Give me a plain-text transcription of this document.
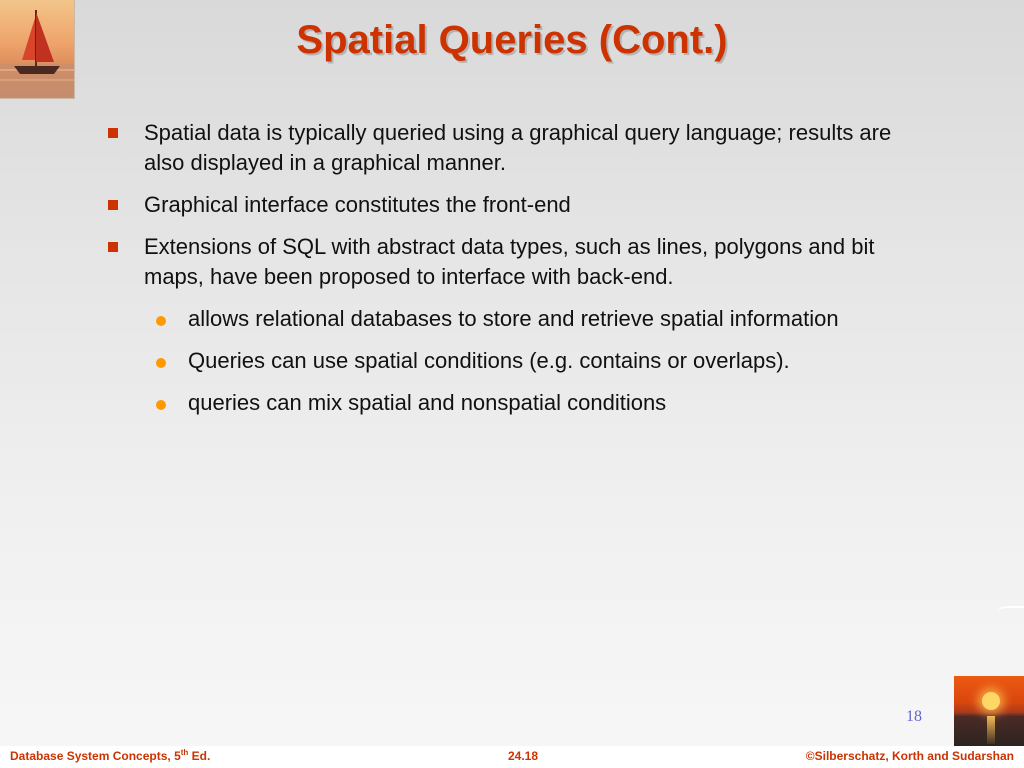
Spatial Queries (Cont.)
Spatial data is typically queried using a graphical query language; results are also displayed in a graphical manner.
Graphical interface constitutes the front-end
Extensions of SQL with abstract data types, such as lines, polygons and bit maps, have been proposed to interface with back-end.
allows relational databases to store and retrieve spatial information
Queries can use spatial conditions (e.g. contains or overlaps).
queries can mix spatial and nonspatial conditions
18
Database System Concepts, 5th Ed.	24.18	©Silberschatz, Korth and Sudarshan
